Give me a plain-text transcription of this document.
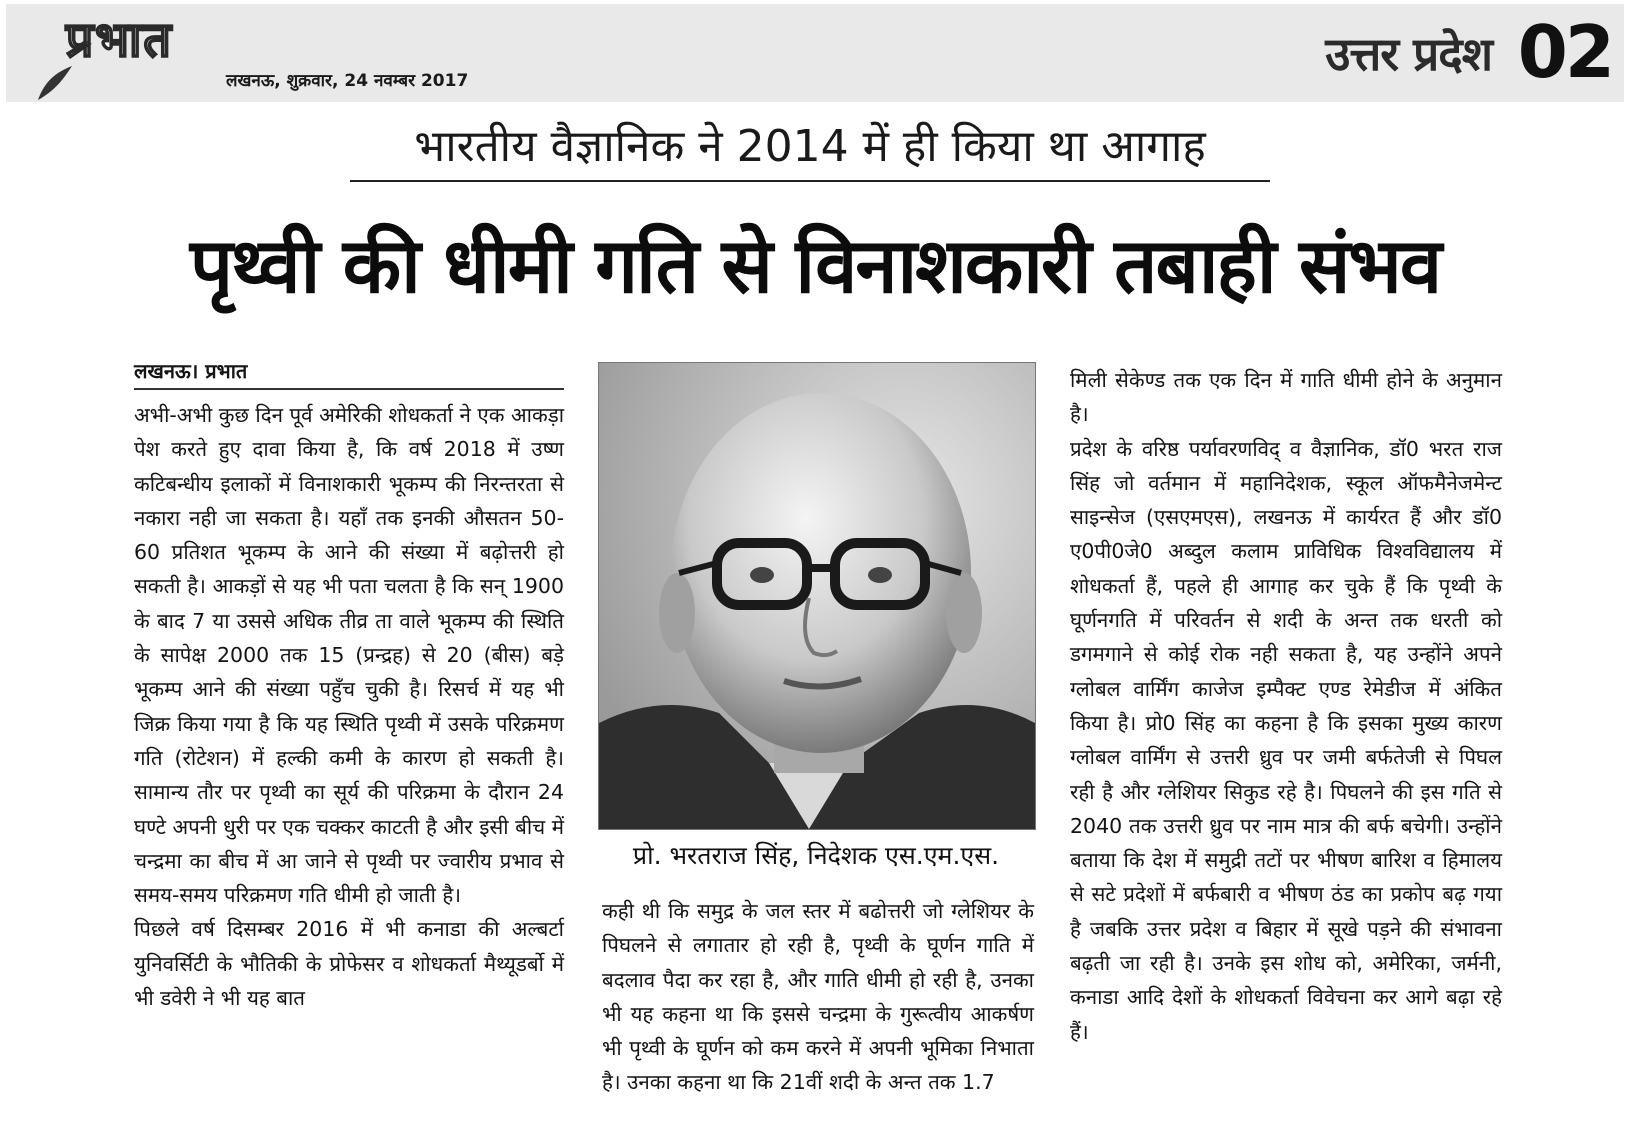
प्रभात
लखनऊ, शुक्रवार, 24 नवम्बर 2017	उत्तर प्रदेश 02
भारतीय वैज्ञानिक ने 2014 में ही किया था आगाह
पृथ्वी की धीमी गति से विनाशकारी तबाही संभव
लखनऊ। प्रभात

अभी-अभी कुछ दिन पूर्व अमेरिकी शोधकर्ता ने एक आकड़ा पेश करते हुए दावा किया है, कि वर्ष 2018 में उष्ण कटिबन्धीय इलाकों में विनाशकारी भूकम्प की निरन्तरता से नकारा नही जा सकता है। यहाँ तक इनकी औसतन 50-60 प्रतिशत भूकम्प के आने की संख्या में बढ़ोत्तरी हो सकती है। आकड़ों से यह भी पता चलता है कि सन् 1900 के बाद 7 या उससे अधिक तीव्र ता वाले भूकम्प की स्थिति के सापेक्ष 2000 तक 15 (प्रन्द्रह) से 20 (बीस) बड़े भूकम्प आने की संख्या पहुँच चुकी है। रिसर्च में यह भी जिक्र किया गया है कि यह स्थिति पृथ्वी में उसके परिक्रमण गति (रोटेशन) में हल्की कमी के कारण हो सकती है। सामान्य तौर पर पृथ्वी का सूर्य की परिक्रमा के दौरान 24 घण्टे अपनी धुरी पर एक चक्कर काटती है और इसी बीच में चन्द्रमा का बीच में आ जाने से पृथ्वी पर ज्वारीय प्रभाव से समय-समय परिक्रमण गति धीमी हो जाती है।

पिछले वर्ष दिसम्बर 2016 में भी कनाडा की अल्बर्टा युनिवर्सिटी के भौतिकी के प्रोफेसर व शोधकर्ता मैथ्यूडर्बो में भी डवेरी ने भी यह बात

प्रो. भरतराज सिंह, निदेशक एस.एम.एस.

कही थी कि समुद्र के जल स्तर में बढोत्तरी जो ग्लेशियर के पिघलने से लगातार हो रही है, पृथ्वी के घूर्णन गाति में बदलाव पैदा कर रहा है, और गाति धीमी हो रही है, उनका भी यह कहना था कि इससे चन्द्रमा के गुरूत्वीय आकर्षण भी पृथ्वी के घूर्णन को कम करने में अपनी भूमिका निभाता है। उनका कहना था कि 21वीं शदी के अन्त तक 1.7

मिली सेकेण्ड तक एक दिन में गाति धीमी होने के अनुमान है।

प्रदेश के वरिष्ठ पर्यावरणविद् व वैज्ञानिक, डॉ0 भरत राज सिंह जो वर्तमान में महानिदेशक, स्कूल ऑफमैनेजमेन्ट साइन्सेज (एसएमएस), लखनऊ में कार्यरत हैं और डॉ0 ए0पी0जे0 अब्दुल कलाम प्राविधिक विश्वविद्यालय में शोधकर्ता हैं, पहले ही आगाह कर चुके हैं कि पृथ्वी के घूर्णनगति में परिवर्तन से शदी के अन्त तक धरती को डगमगाने से कोई रोक नही सकता है, यह उन्होंने अपने ग्लोबल वार्मिंग काजेज इम्पैक्ट एण्ड रेमेडीज में अंकित किया है। प्रो0 सिंह का कहना है कि इसका मुख्य कारण ग्लोबल वार्मिंग से उत्तरी ध्रुव पर जमी बर्फतेजी से पिघल रही है और ग्लेशियर सिकुड रहे है। पिघलने की इस गति से 2040 तक उत्तरी ध्रुव पर नाम मात्र की बर्फ बचेगी। उन्होंने बताया कि देश में समुद्री तटों पर भीषण बारिश व हिमालय से सटे प्रदेशों में बर्फबारी व भीषण ठंड का प्रकोप बढ़ गया है जबकि उत्तर प्रदेश व बिहार में सूखे पड़ने की संभावना बढ़ती जा रही है। उनके इस शोध को, अमेरिका, जर्मनी, कनाडा आदि देशों के शोधकर्ता विवेचना कर आगे बढ़ा रहे हैं।
